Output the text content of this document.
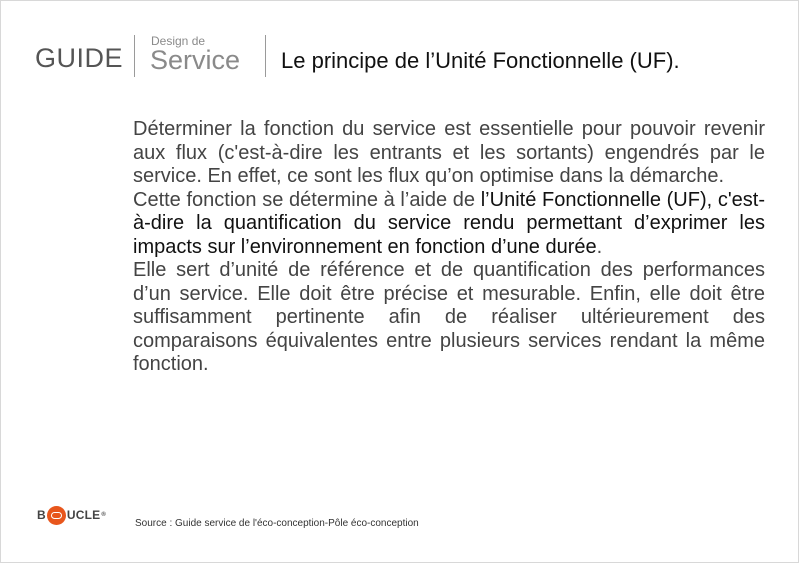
GUIDE
Design de
Service Le principe de l’Unité Fonctionnelle (UF).

Déterminer la fonction du service est essentielle pour pouvoir revenir aux flux (c'est-à-dire les entrants et les sortants) engendrés par le service. En effet, ce sont les flux qu’on optimise dans la démarche.

Cette fonction se détermine à l’aide de l’Unité Fonctionnelle (UF), c'est-à-dire la quantification du service rendu permettant d’exprimer les impacts sur l’environnement en fonction d’une durée.

Elle sert d’unité de référence et de quantification des performances d’un service. Elle doit être précise et mesurable. Enfin, elle doit être suffisamment pertinente afin de réaliser ultérieurement des comparaisons équivalentes entre plusieurs services rendant la même fonction.

B UCLE ®
Source : Guide service de l'éco-conception-Pôle éco-conception
